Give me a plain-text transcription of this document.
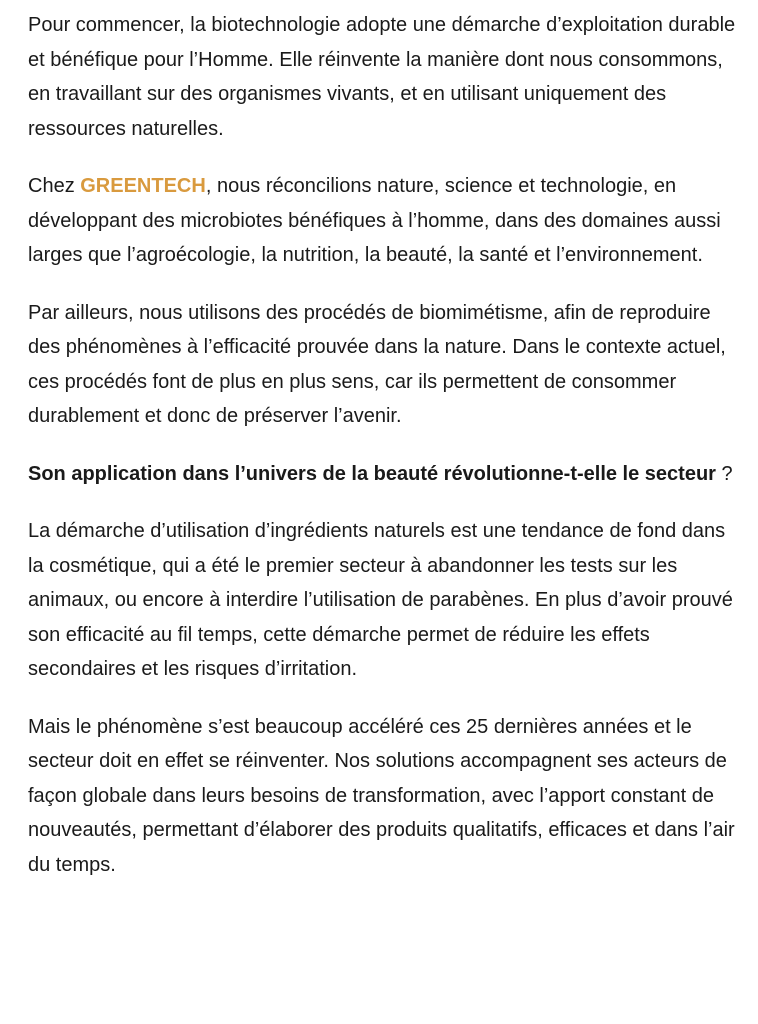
Pour commencer, la biotechnologie adopte une démarche d’exploitation durable et bénéfique pour l’Homme. Elle réinvente la manière dont nous consommons, en travaillant sur des organismes vivants, et en utilisant uniquement des ressources naturelles.

Chez GREENTECH, nous réconcilions nature, science et technologie, en développant des microbiotes bénéfiques à l’homme, dans des domaines aussi larges que l’agroécologie, la nutrition, la beauté, la santé et l’environnement.

Par ailleurs, nous utilisons des procédés de biomimétisme, afin de reproduire des phénomènes à l’efficacité prouvée dans la nature. Dans le contexte actuel, ces procédés font de plus en plus sens, car ils permettent de consommer durablement et donc de préserver l’avenir.

Son application dans l’univers de la beauté révolutionne-t-elle le secteur ?

La démarche d’utilisation d’ingrédients naturels est une tendance de fond dans la cosmétique, qui a été le premier secteur à abandonner les tests sur les animaux, ou encore à interdire l’utilisation de parabènes. En plus d’avoir prouvé son efficacité au fil temps, cette démarche permet de réduire les effets secondaires et les risques d’irritation.

Mais le phénomène s’est beaucoup accéléré ces 25 dernières années et le secteur doit en effet se réinventer. Nos solutions accompagnent ses acteurs de façon globale dans leurs besoins de transformation, avec l’apport constant de nouveautés, permettant d’élaborer des produits qualitatifs, efficaces et dans l’air du temps.
